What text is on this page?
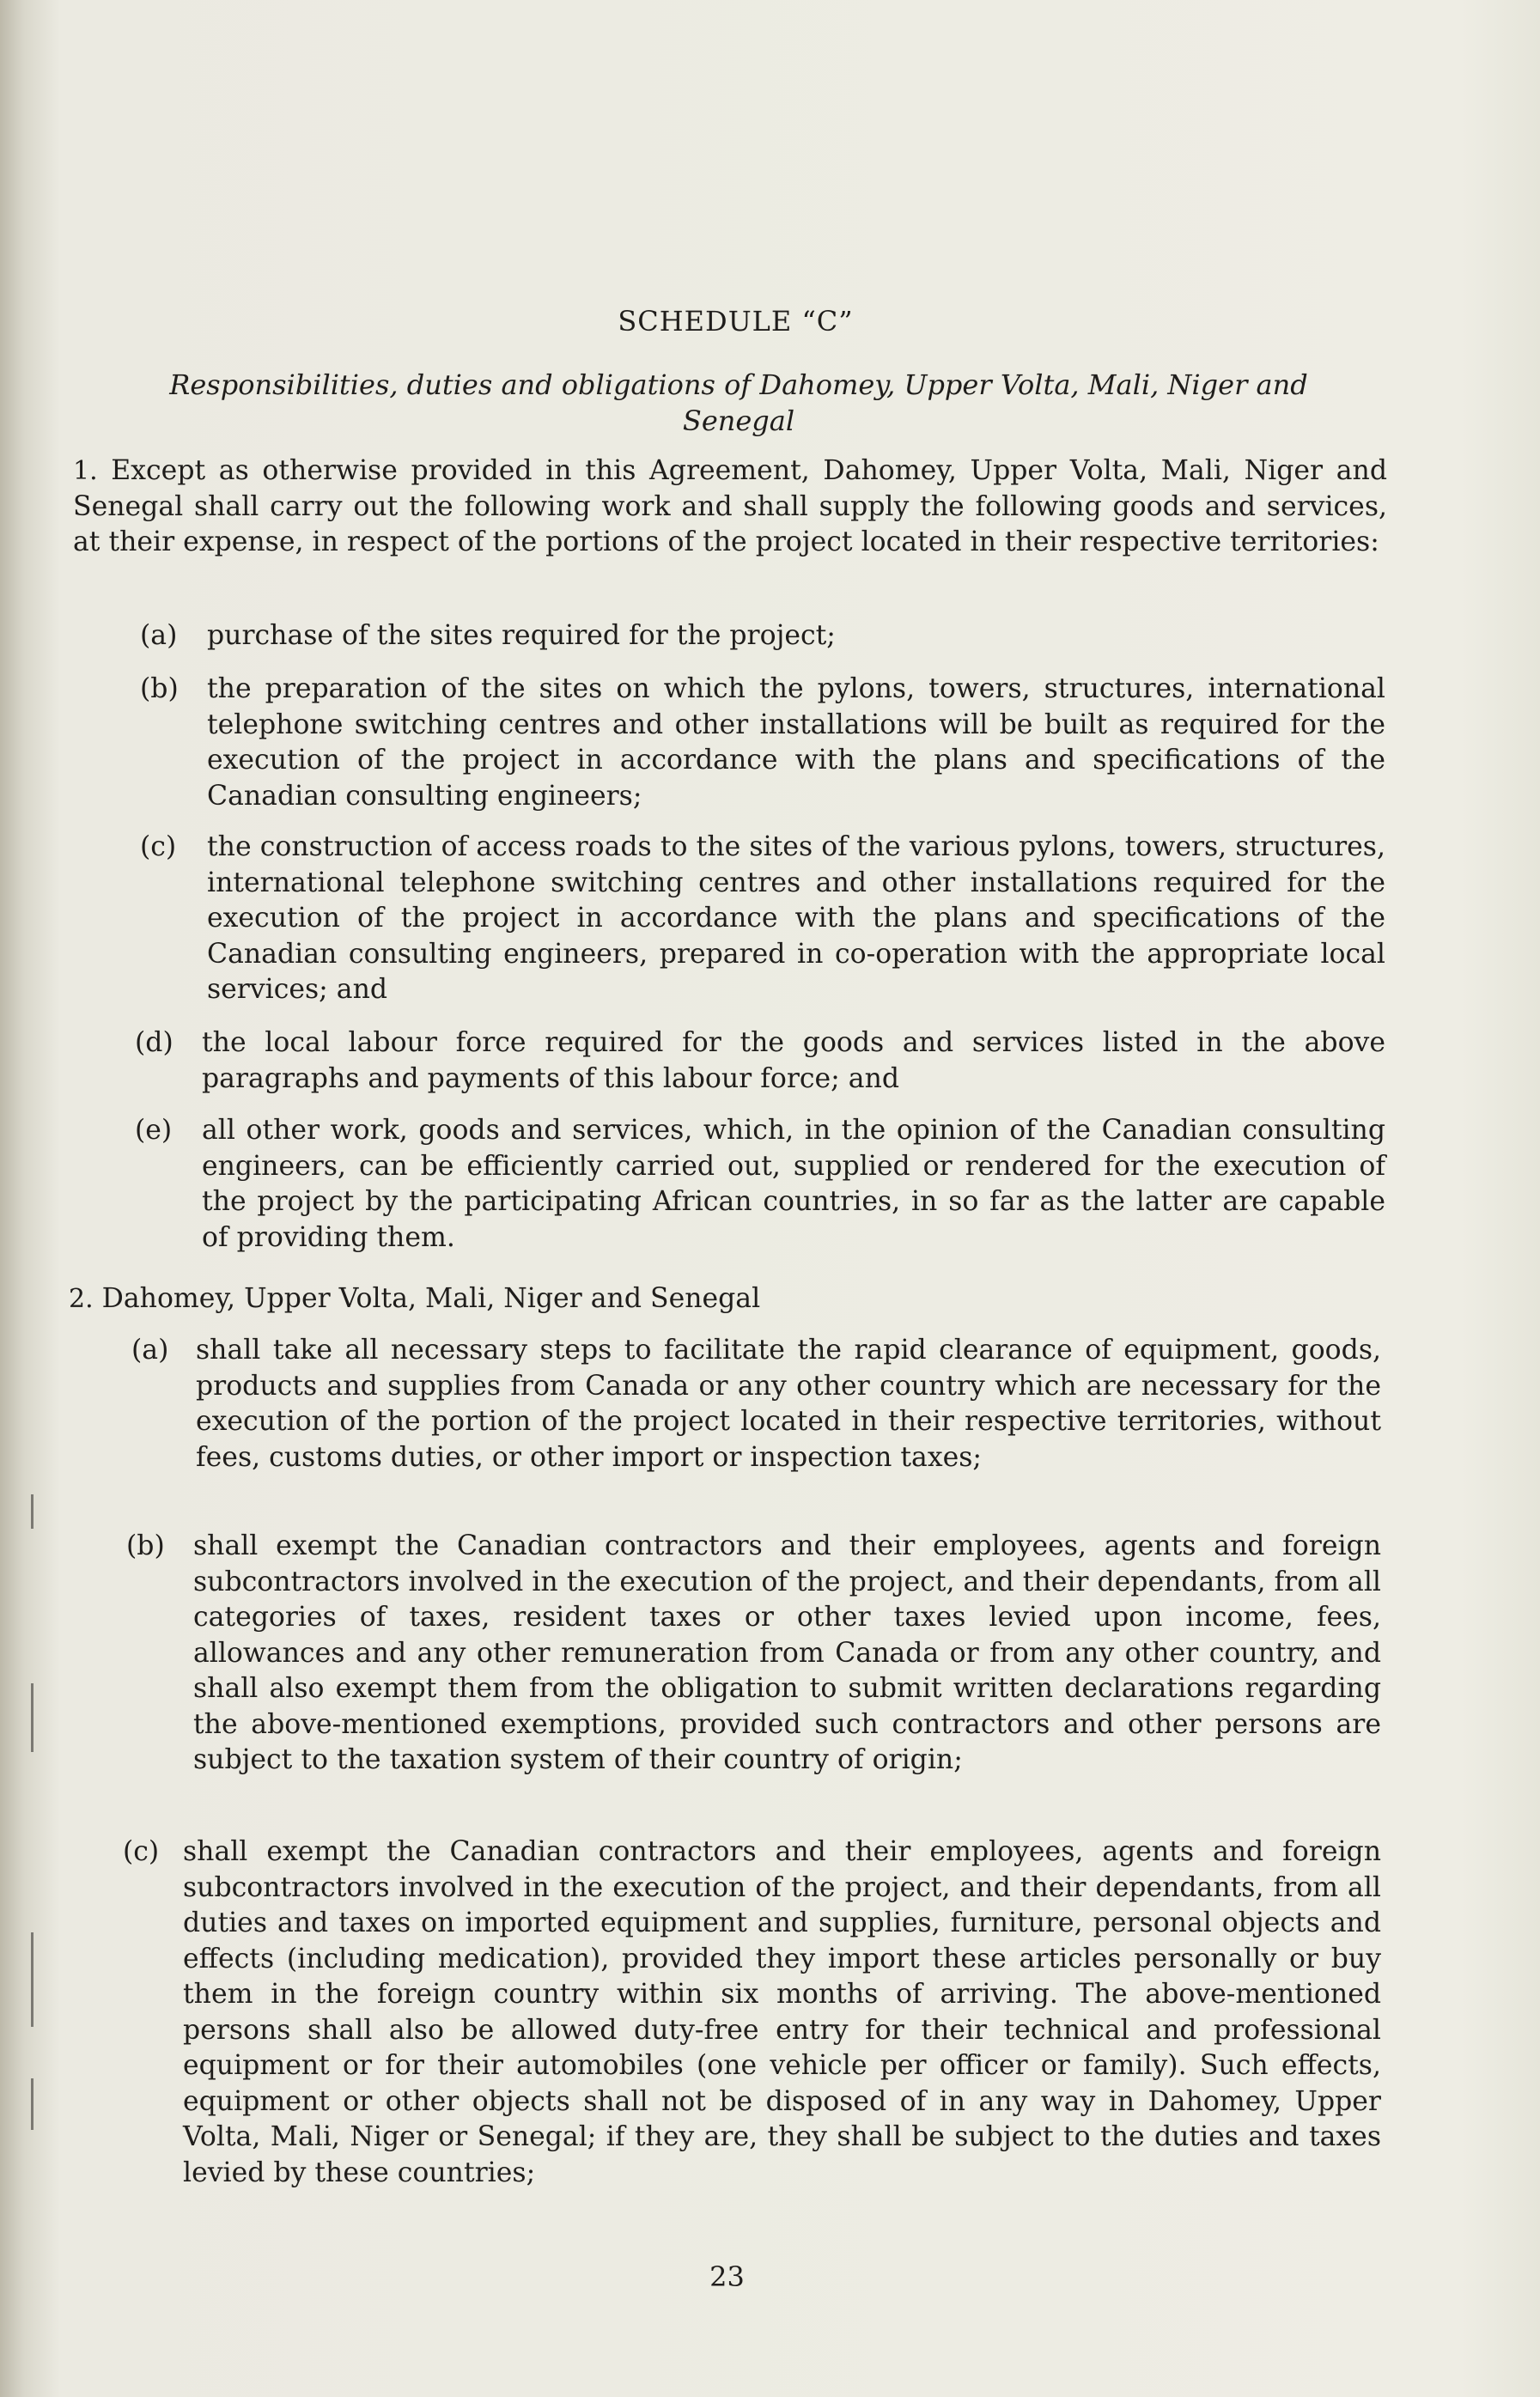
SCHEDULE “C”
Responsibilities, duties and obligations of Dahomey, Upper Volta, Mali, Niger and Senegal
1. Except as otherwise provided in this Agreement, Dahomey, Upper Volta, Mali, Niger and Senegal shall carry out the following work and shall supply the following goods and services, at their expense, in respect of the portions of the project located in their respective territories:
(a)	purchase of the sites required for the project;
(b)	the preparation of the sites on which the pylons, towers, structures, international telephone switching centres and other installations will be built as required for the execution of the project in accordance with the plans and specifications of the Canadian consulting engineers;
(c)	the construction of access roads to the sites of the various pylons, towers, structures, international telephone switching centres and other installations required for the execution of the project in accordance with the plans and specifications of the Canadian consulting engineers, prepared in co-operation with the appropriate local services; and
(d)	the local labour force required for the goods and services listed in the above paragraphs and payments of this labour force; and
(e)	all other work, goods and services, which, in the opinion of the Canadian consulting engineers, can be efficiently carried out, supplied or rendered for the execution of the project by the participating African countries, in so far as the latter are capable of providing them.
2. Dahomey, Upper Volta, Mali, Niger and Senegal
(a)	shall take all necessary steps to facilitate the rapid clearance of equipment, goods, products and supplies from Canada or any other country which are necessary for the execution of the portion of the project located in their respective territories, without fees, customs duties, or other import or inspection taxes;
(b)	shall exempt the Canadian contractors and their employees, agents and foreign subcontractors involved in the execution of the project, and their dependants, from all categories of taxes, resident taxes or other taxes levied upon income, fees, allowances and any other remuneration from Canada or from any other country, and shall also exempt them from the obligation to submit written declarations regarding the above-mentioned exemptions, provided such contractors and other persons are subject to the taxation system of their country of origin;
(c) shall exempt the Canadian contractors and their employees, agents and foreign subcontractors involved in the execution of the project, and their dependants, from all duties and taxes on imported equipment and supplies, furniture, personal objects and effects (including medication), provided they import these articles personally or buy them in the foreign country within six months of arriving. The above-mentioned persons shall also be allowed duty-free entry for their technical and professional equipment or for their automobiles (one vehicle per officer or family). Such effects, equipment or other objects shall not be disposed of in any way in Dahomey, Upper Volta, Mali, Niger or Senegal; if they are, they shall be subject to the duties and taxes levied by these countries;
23
